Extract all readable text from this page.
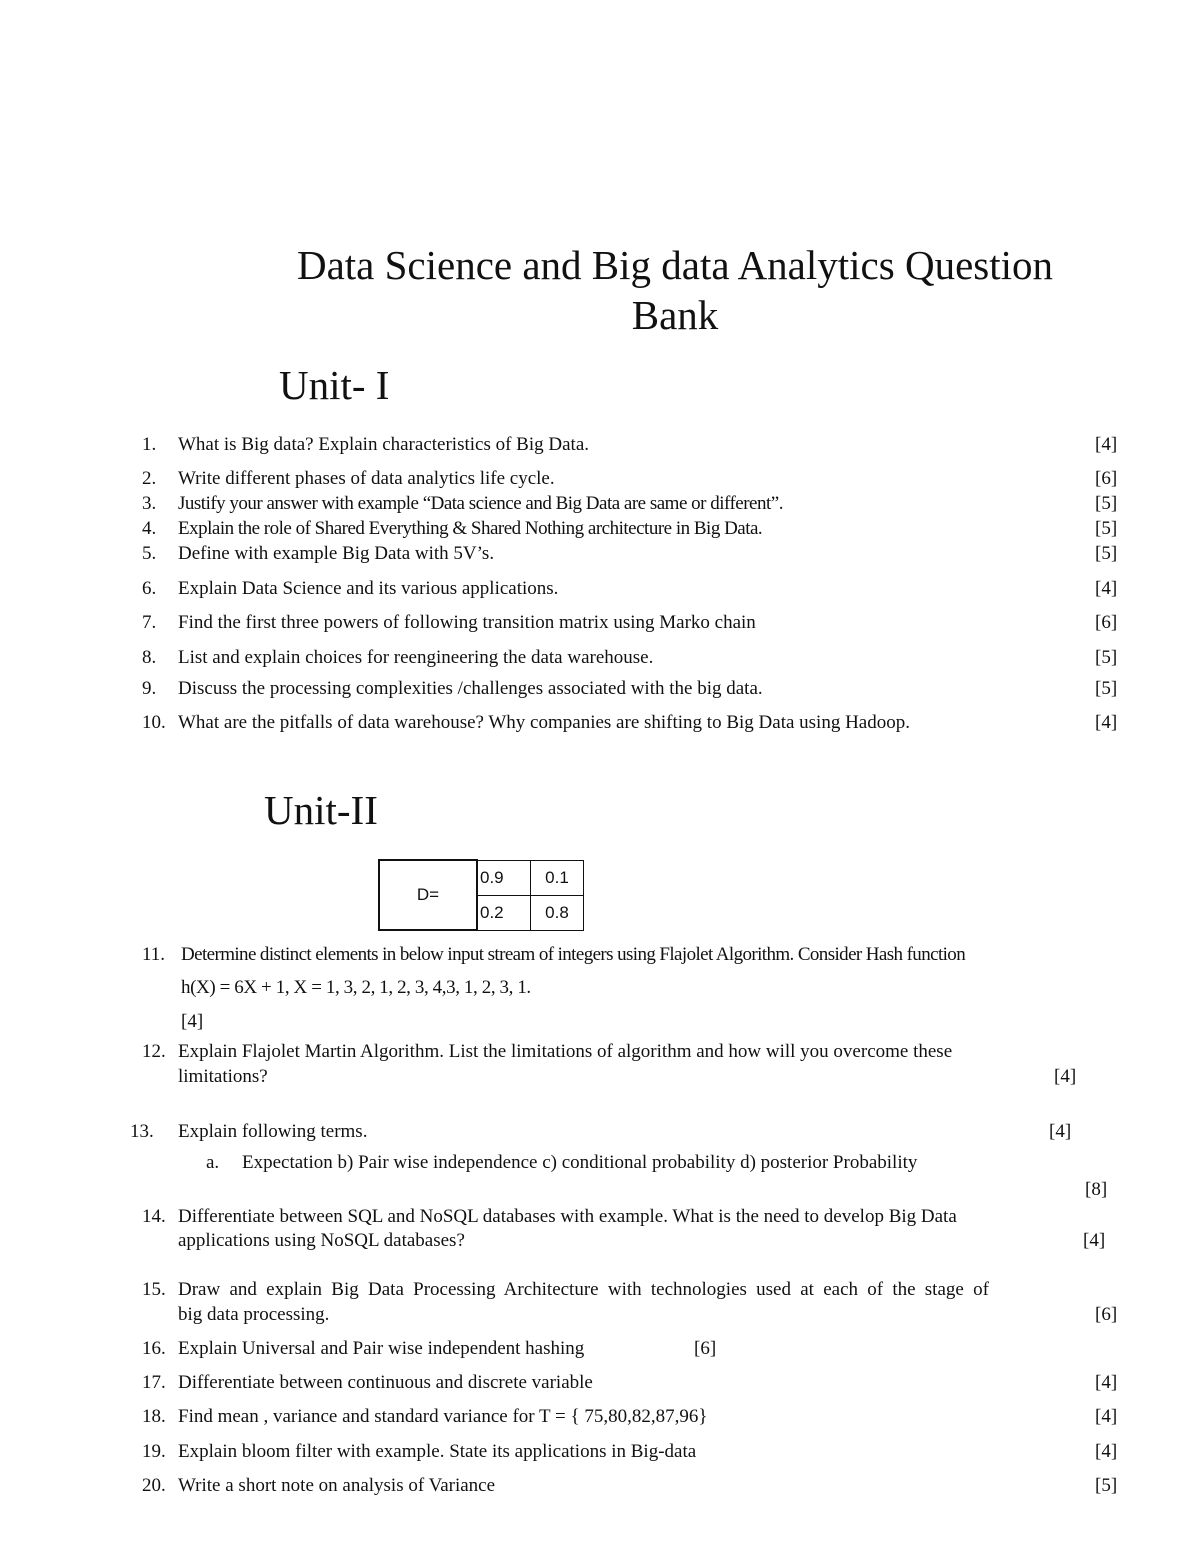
Data Science and Big data Analytics Question Bank
Unit- I
1. What is Big data? Explain characteristics of Big Data.	[4]
2. Write different phases of data analytics life cycle.	[6]
3. Justify your answer with example “Data science and Big Data are same or different”.	[5]
4. Explain the role of Shared Everything & Shared Nothing architecture in Big Data.	[5]
5. Define with example Big Data with 5V’s.	[5]
6. Explain Data Science and its various applications.	[4]
7. Find the first three powers of following transition matrix using Marko chain	[6]
8. List and explain choices for reengineering the data warehouse.	[5]
9. Discuss the processing complexities /challenges associated with the big data.	[5]
10. What are the pitfalls of data warehouse? Why companies are shifting to Big Data using Hadoop.	[4]
Unit-II
D=	0.9	0.1
	0.2	0.8
11. Determine distinct elements in below input stream of integers using Flajolet Algorithm. Consider Hash function
h(X) = 6X + 1, X = 1, 3, 2, 1, 2, 3, 4,3, 1, 2, 3, 1.
[4]
12. Explain Flajolet Martin Algorithm. List the limitations of algorithm and how will you overcome these
limitations?	[4]
13. Explain following terms.	[4]
a. Expectation b) Pair wise independence c) conditional probability d) posterior Probability
[8]
14. Differentiate between SQL and NoSQL databases with example. What is the need to develop Big Data
applications using NoSQL databases?	[4]
15. Draw and explain Big Data Processing Architecture with technologies used at each of the stage of
big data processing.	[6]
16. Explain Universal and Pair wise independent hashing	[6]
17. Differentiate between continuous and discrete variable	[4]
18. Find mean , variance and standard variance for T = { 75,80,82,87,96}	[4]
19. Explain bloom filter with example. State its applications in Big-data	[4]
20. Write a short note on analysis of Variance	[5]
